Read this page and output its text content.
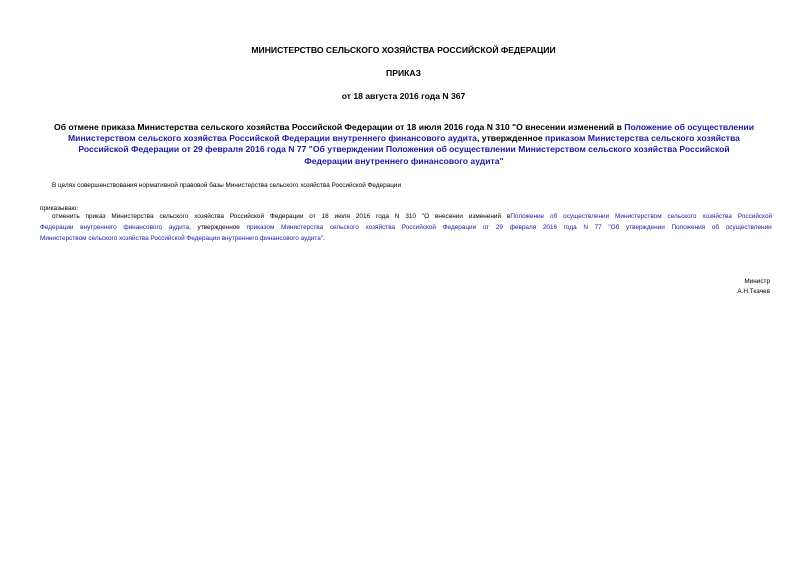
МИНИСТЕРСТВО СЕЛЬСКОГО ХОЗЯЙСТВА РОССИЙСКОЙ ФЕДЕРАЦИИ
ПРИКАЗ
от 18 августа 2016 года N 367
Об отмене приказа Министерства сельского хозяйства Российской Федерации от 18 июля 2016 года N 310 "О внесении изменений в Положение об осуществлении
Министерством сельского хозяйства Российской Федерации внутреннего финансового аудита, утвержденное приказом Министерства сельского хозяйства
Российской Федерации от 29 февраля 2016 года N 77 "Об утверждении Положения об осуществлении Министерством сельского хозяйства Российской
Федерации внутреннего финансового аудита"
В целях совершенствования нормативной правовой базы Министерства сельского хозяйства Российской Федерации
приказываю:
отменить приказ Министерства сельского хозяйства Российской Федерации от 18 июля 2016 года N 310 "О внесении изменений вПоложение об осуществлении Министерством сельского хозяйства Российской
Федерации внутреннего финансового аудита, утвержденное приказом Министерства сельского хозяйства Российской Федерации от 29 февраля 2016 года N 77 "Об утверждении Положения об осуществлении
Министерством сельского хозяйства Российской Федерации внутреннего финансового аудита".
Министр
А.Н.Ткачев
